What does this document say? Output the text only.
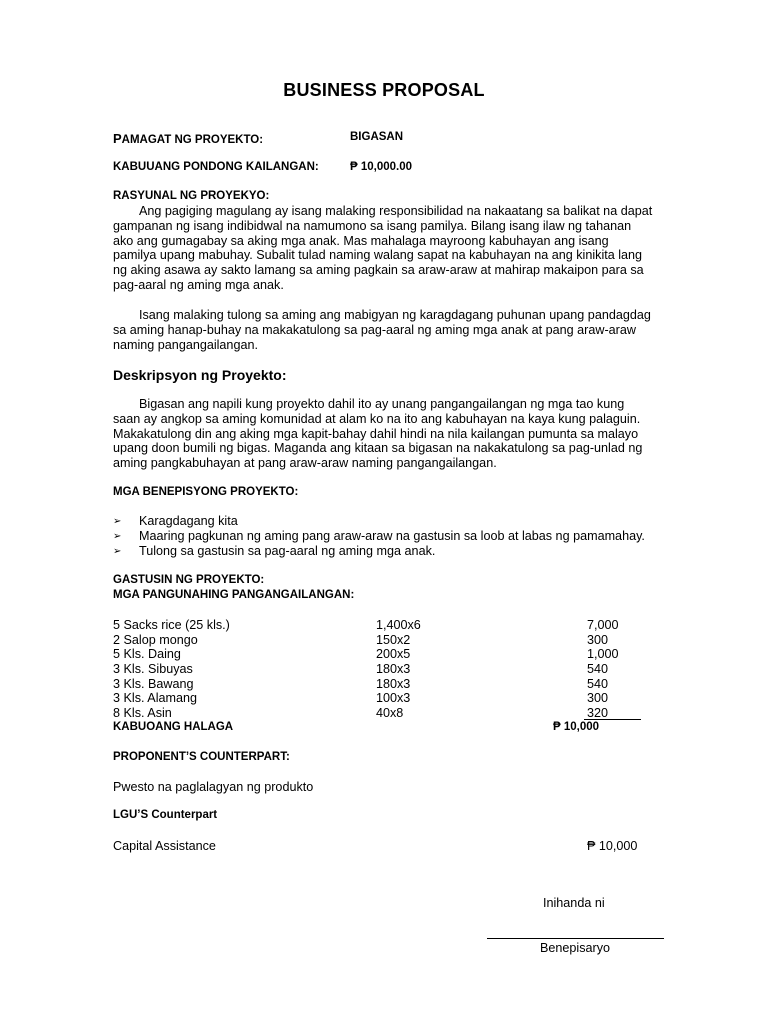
BUSINESS PROPOSAL
PAMAGAT NG PROYEKTO:	BIGASAN
KABUUANG PONDONG KAILANGAN:	₱ 10,000.00
RASYUNAL NG PROYEKYO:
Ang pagiging magulang ay isang malaking responsibilidad na nakaatang sa balikat na dapat gampanan ng isang indibidwal na namumono sa isang pamilya. Bilang isang ilaw ng tahanan ako ang gumagabay sa aking mga anak. Mas mahalaga mayroong kabuhayan ang isang pamilya upang mabuhay. Subalit tulad naming walang sapat na kabuhayan na ang kinikita lang ng aking asawa ay sakto lamang sa aming pagkain sa araw-araw at mahirap makaipon para sa pag-aaral ng aming mga anak.
Isang malaking tulong sa aming ang mabigyan ng karagdagang puhunan upang pandagdag sa aming hanap-buhay na makakatulong sa pag-aaral ng aming mga anak at pang araw-araw naming pangangailangan.
Deskripsyon ng Proyekto:
Bigasan ang napili kung proyekto dahil ito ay unang pangangailangan ng mga tao kung saan ay angkop sa aming komunidad at alam ko na ito ang kabuhayan na kaya kung palaguin. Makakatulong din ang aking mga kapit-bahay dahil hindi na nila kailangan pumunta sa malayo upang doon bumili ng bigas. Maganda ang kitaan sa bigasan na nakakatulong sa pag-unlad ng aming pangkabuhayan at pang araw-araw naming pangangailangan.
MGA BENEPISYONG PROYEKTO:
➢ Karagdagang kita
➢ Maaring pagkunan ng aming pang araw-araw na gastusin sa loob at labas ng pamamahay.
➢ Tulong sa gastusin sa pag-aaral ng aming mga anak.
GASTUSIN NG PROYEKTO:
MGA PANGUNAHING PANGANGAILANGAN:
5 Sacks rice (25 kls.)	1,400x6	7,000
2 Salop mongo	150x2	300
5 Kls. Daing	200x5	1,000
3 Kls. Sibuyas	180x3	540
3 Kls. Bawang	180x3	540
3 Kls. Alamang	100x3	300
8 Kls. Asin	40x8	320
KABUOANG HALAGA	₱ 10,000
PROPONENT’S COUNTERPART:
Pwesto na paglalagyan ng produkto
LGU’S Counterpart
Capital Assistance	₱ 10,000
Inihanda ni
Benepisaryo
